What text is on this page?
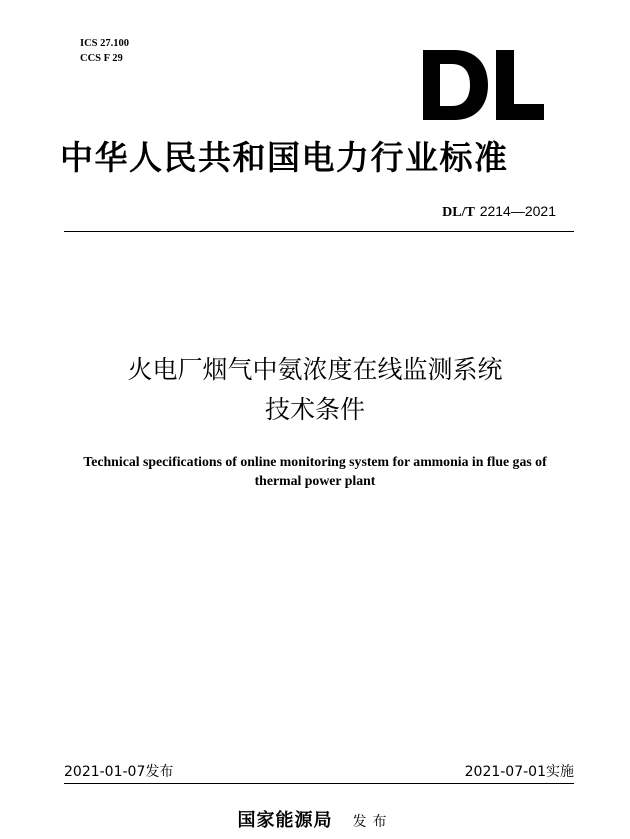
ICS 27.100
CCS F 29
中华人民共和国电力行业标准
DL/T 2214—2021
火电厂烟气中氨浓度在线监测系统
技术条件
Technical specifications of online monitoring system for ammonia in flue gas of
thermal power plant
2021-01-07发布	2021-07-01实施
国家能源局 发布
